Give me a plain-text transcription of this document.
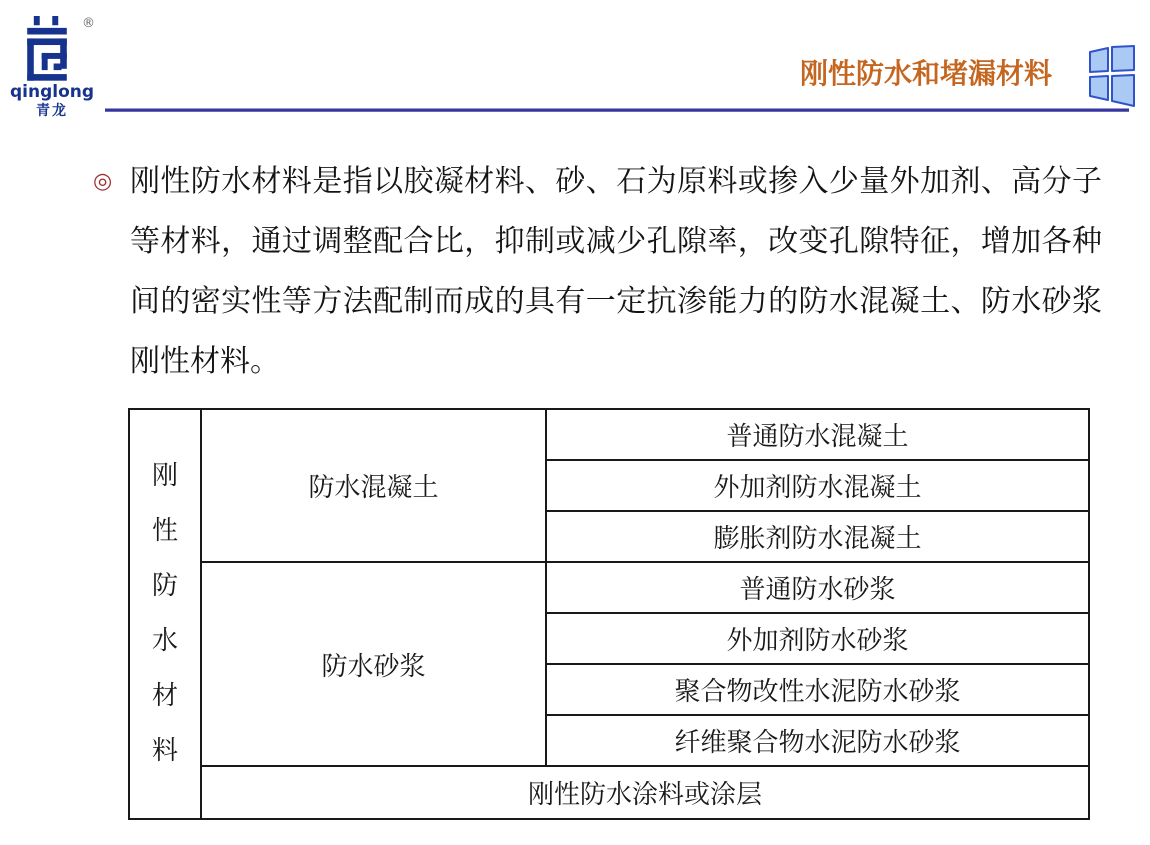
®
qinglong
青龙
刚性防水和堵漏材料
◎ 刚性防水材料是指以胶凝材料、砂、石为原料或掺入少量外加剂、高分子
等材料，通过调整配合比，抑制或减少孔隙率，改变孔隙特征，增加各种
间的密实性等方法配制而成的具有一定抗渗能力的防水混凝土、防水砂浆
刚性材料。
刚
性
防
水
材
料
	防水混凝土	普通防水混凝土
		外加剂防水混凝土
		膨胀剂防水混凝土
	防水砂浆	普通防水砂浆
		外加剂防水砂浆
		聚合物改性水泥防水砂浆
		纤维聚合物水泥防水砂浆
	刚性防水涂料或涂层	
